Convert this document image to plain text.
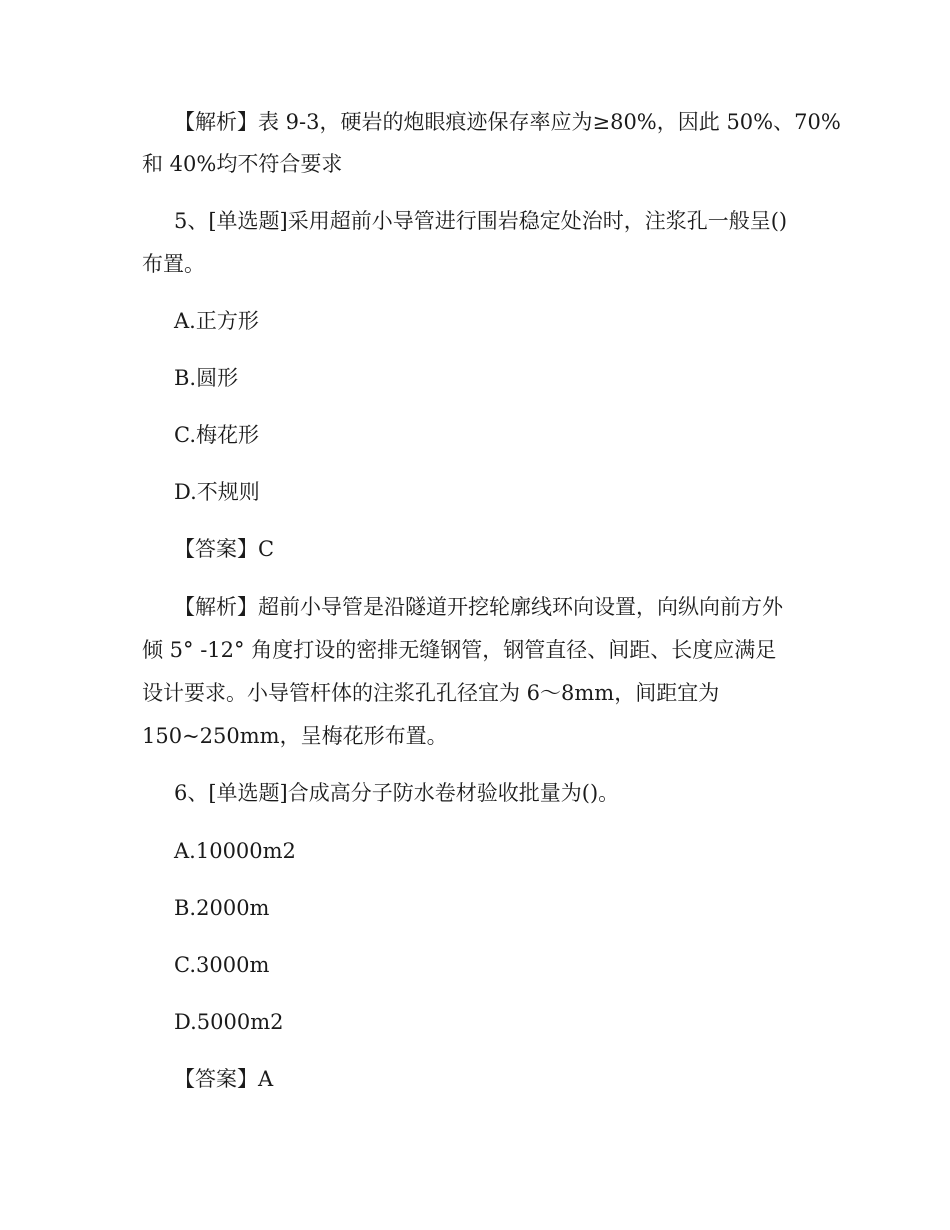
【解析】表 9-3，硬岩的炮眼痕迹保存率应为≥80%，因此 50%、70%
和 40%均不符合要求
5、[单选题]采用超前小导管进行围岩稳定处治时，注浆孔一般呈()
布置。
A.正方形
B.圆形
C.梅花形
D.不规则
【答案】C
【解析】超前小导管是沿隧道开挖轮廓线环向设置，向纵向前方外
倾 5° -12° 角度打设的密排无缝钢管，钢管直径、间距、长度应满足
设计要求。小导管杆体的注浆孔孔径宜为 6～8mm，间距宜为
150~250mm，呈梅花形布置。
6、[单选题]合成高分子防水卷材验收批量为()。
A.10000m2
B.2000m
C.3000m
D.5000m2
【答案】A
